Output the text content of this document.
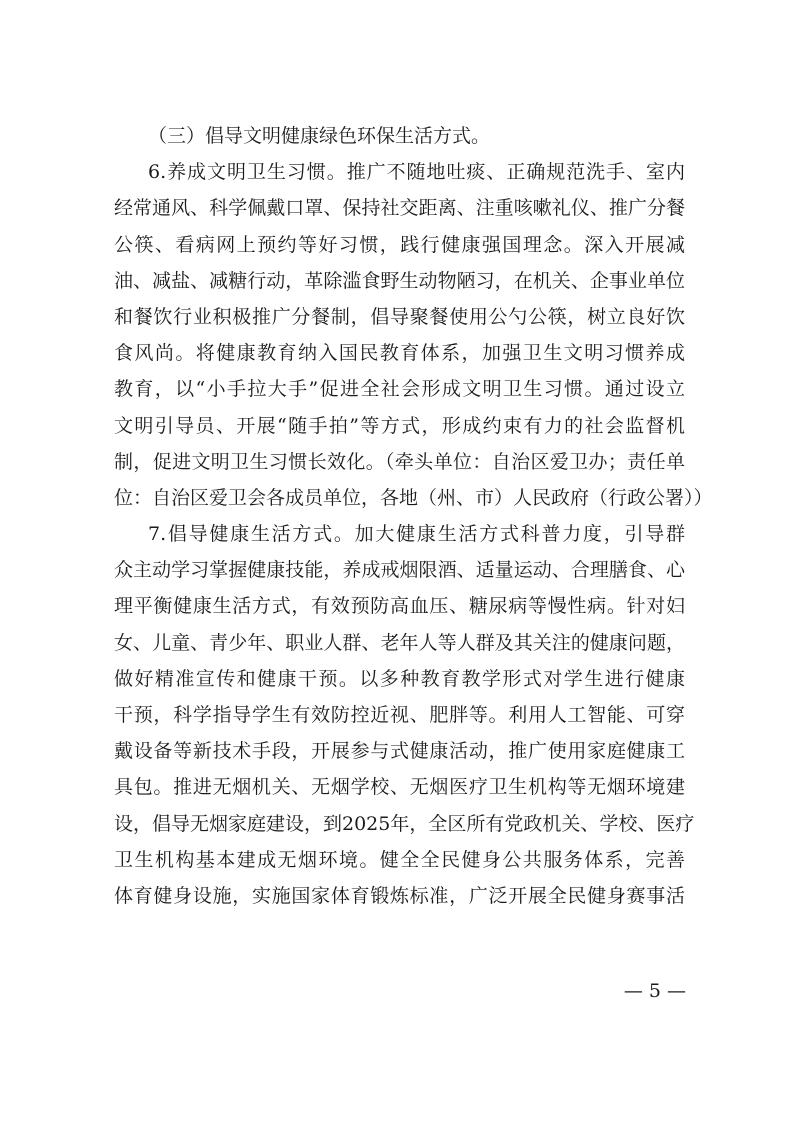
（三）倡导文明健康绿色环保生活方式。
6.养成文明卫生习惯。推广不随地吐痰、正确规范洗手、室内
经常通风、科学佩戴口罩、保持社交距离、注重咳嗽礼仪、推广分餐
公筷、看病网上预约等好习惯，践行健康强国理念。深入开展减
油、减盐、减糖行动，革除滥食野生动物陋习，在机关、企事业单位
和餐饮行业积极推广分餐制，倡导聚餐使用公勺公筷，树立良好饮
食风尚。将健康教育纳入国民教育体系，加强卫生文明习惯养成
教育，以“小手拉大手”促进全社会形成文明卫生习惯。通过设立
文明引导员、开展“随手拍”等方式，形成约束有力的社会监督机
制，促进文明卫生习惯长效化。（牵头单位：自治区爱卫办；责任单
位：自治区爱卫会各成员单位，各地（州、市）人民政府（行政公署））
7.倡导健康生活方式。加大健康生活方式科普力度，引导群
众主动学习掌握健康技能，养成戒烟限酒、适量运动、合理膳食、心
理平衡健康生活方式，有效预防高血压、糖尿病等慢性病。针对妇
女、儿童、青少年、职业人群、老年人等人群及其关注的健康问题，
做好精准宣传和健康干预。以多种教育教学形式对学生进行健康
干预，科学指导学生有效防控近视、肥胖等。利用人工智能、可穿
戴设备等新技术手段，开展参与式健康活动，推广使用家庭健康工
具包。推进无烟机关、无烟学校、无烟医疗卫生机构等无烟环境建
设，倡导无烟家庭建设，到2025年，全区所有党政机关、学校、医疗
卫生机构基本建成无烟环境。健全全民健身公共服务体系，完善
体育健身设施，实施国家体育锻炼标准，广泛开展全民健身赛事活
— 5 —
